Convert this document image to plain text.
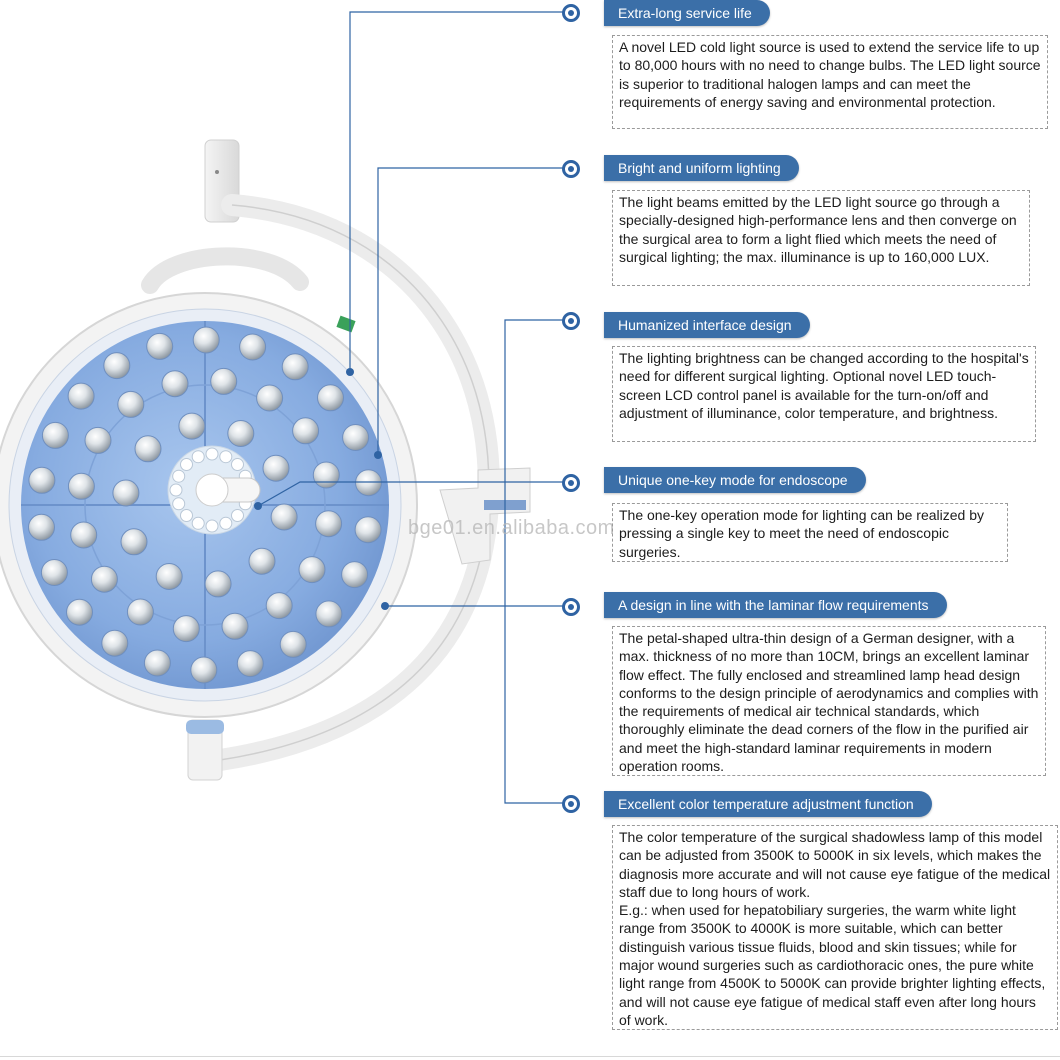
bge01.en.alibaba.com
Extra-long service life
A novel LED cold light source is used to extend the service life to up to 80,000 hours with no need to change bulbs. The LED light source is superior to traditional halogen lamps and can meet the requirements of energy saving and environmental protection.
Bright and uniform lighting
The light beams emitted by the LED light source go through a specially-designed high-performance lens and then converge on the surgical area to form a light flied which meets the need of surgical lighting; the max. illuminance is up to 160,000 LUX.
Humanized interface design
The lighting brightness can be changed according to the hospital's need for different surgical lighting. Optional novel LED touch-screen LCD control panel is available for the turn-on/off and adjustment of illuminance, color temperature, and brightness.
Unique one-key mode for endoscope
The one-key operation mode for lighting can be realized by pressing a single key to meet the need of endoscopic surgeries.
A design in line with the laminar flow requirements
The petal-shaped ultra-thin design of a German designer, with a max. thickness of no more than 10CM, brings an excellent laminar flow effect. The fully enclosed and streamlined lamp head design conforms to the design principle of aerodynamics and complies with the requirements of medical air technical standards, which thoroughly eliminate the dead corners of the flow in the purified air and meet the high-standard laminar requirements in modern operation rooms.
Excellent color temperature adjustment function
The color temperature of the surgical shadowless lamp of this model can be adjusted from 3500K to 5000K in six levels, which makes the diagnosis more accurate and will not cause eye fatigue of the medical staff due to long hours of work.
E.g.: when used for hepatobiliary surgeries, the warm white light range from 3500K to 4000K is more suitable, which can better distinguish various tissue fluids, blood and skin tissues; while for major wound surgeries such as cardiothoracic ones, the pure white light range from 4500K to 5000K can provide brighter lighting effects, and will not cause eye fatigue of medical staff even after long hours of work.
